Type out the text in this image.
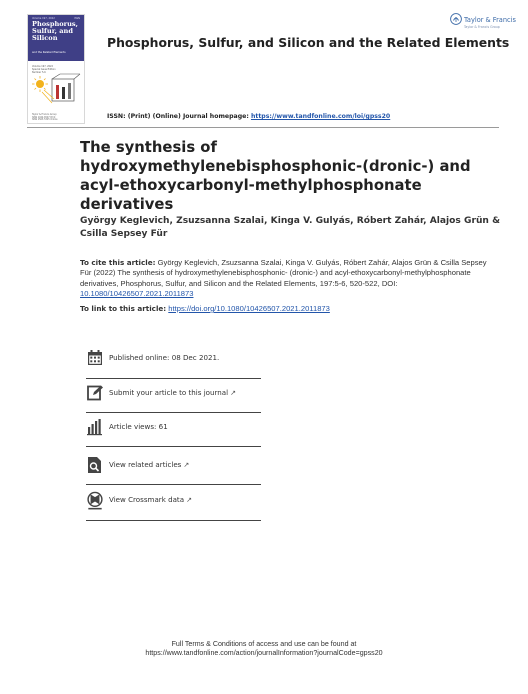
Volume 197, 2022	ISSN
Phosphorus,
Sulfur, and
Silicon
and the Related Elements
Volume 197, 2022
Special Issue Edition
Number 5-6
Taylor & Francis Group
ISSN 1042-6507 Print
ISSN 1563-5325 Online
Phosphorus, Sulfur, and Silicon and the Related Elements
Taylor & Francis
Taylor & Francis Group
ISSN: (Print) (Online) Journal homepage: https://www.tandfonline.com/loi/gpss20
The synthesis of hydroxymethylenebisphosphonic-(dronic-) and acyl-ethoxycarbonyl-methylphosphonate derivatives
György Keglevich, Zsuzsanna Szalai, Kinga V. Gulyás, Róbert Zahár, Alajos Grün & Csilla Sepsey Für
To cite this article: György Keglevich, Zsuzsanna Szalai, Kinga V. Gulyás, Róbert Zahár, Alajos Grün & Csilla Sepsey Für (2022) The synthesis of hydroxymethylenebisphosphonic- (dronic-) and acyl-ethoxycarbonyl-methylphosphonate derivatives, Phosphorus, Sulfur, and Silicon and the Related Elements, 197:5-6, 520-522, DOI: 10.1080/10426507.2021.2011873
To link to this article: https://doi.org/10.1080/10426507.2021.2011873
Published online: 08 Dec 2021.
Submit your article to this journal ↗
Article views: 61
View related articles ↗
View Crossmark data ↗
Full Terms & Conditions of access and use can be found at
https://www.tandfonline.com/action/journalInformation?journalCode=gpss20
